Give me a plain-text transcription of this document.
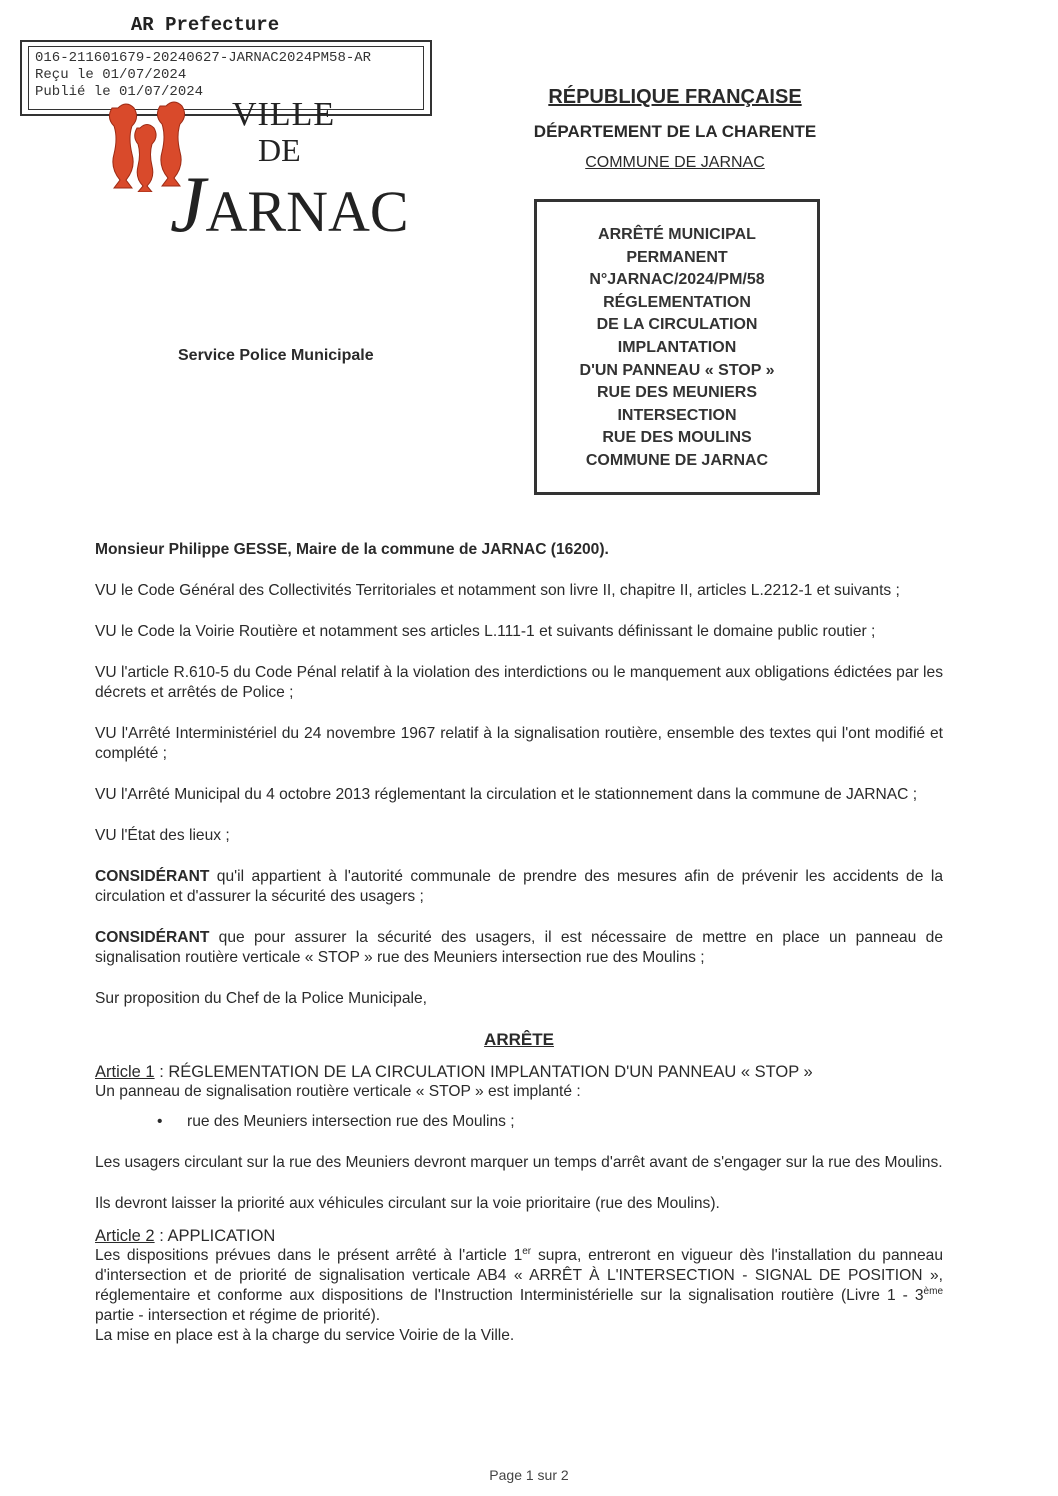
AR Prefecture
016-211601679-20240627-JARNAC2024PM58-AR
Reçu le 01/07/2024
Publié le 01/07/2024
VILLE
DE
JARNAC
RÉPUBLIQUE FRANÇAISE
DÉPARTEMENT DE LA CHARENTE
COMMUNE DE JARNAC
ARRÊTÉ MUNICIPAL
PERMANENT
N°JARNAC/2024/PM/58
RÉGLEMENTATION
DE LA CIRCULATION
IMPLANTATION
D'UN PANNEAU « STOP »
RUE DES MEUNIERS
INTERSECTION
RUE DES MOULINS
COMMUNE DE JARNAC
Service Police Municipale

Monsieur Philippe GESSE, Maire de la commune de JARNAC (16200).

VU le Code Général des Collectivités Territoriales et notamment son livre II, chapitre II, articles L.2212-1 et suivants ;

VU le Code la Voirie Routière et notamment ses articles L.111-1 et suivants définissant le domaine public routier ;

VU l'article R.610-5 du Code Pénal relatif à la violation des interdictions ou le manquement aux obligations édictées par les décrets et arrêtés de Police ;

VU l'Arrêté Interministériel du 24 novembre 1967 relatif à la signalisation routière, ensemble des textes qui l'ont modifié et complété ;

VU l'Arrêté Municipal du 4 octobre 2013 réglementant la circulation et le stationnement dans la commune de JARNAC ;

VU l'État des lieux ;

CONSIDÉRANT qu'il appartient à l'autorité communale de prendre des mesures afin de prévenir les accidents de la circulation et d'assurer la sécurité des usagers ;

CONSIDÉRANT que pour assurer la sécurité des usagers, il est nécessaire de mettre en place un panneau de signalisation routière verticale « STOP » rue des Meuniers intersection rue des Moulins ;

Sur proposition du Chef de la Police Municipale,

ARRÊTE

Article 1 : RÉGLEMENTATION DE LA CIRCULATION IMPLANTATION D'UN PANNEAU « STOP »

Un panneau de signalisation routière verticale « STOP » est implanté :

• rue des Meuniers intersection rue des Moulins ;

Les usagers circulant sur la rue des Meuniers devront marquer un temps d'arrêt avant de s'engager sur la rue des Moulins.

Ils devront laisser la priorité aux véhicules circulant sur la voie prioritaire (rue des Moulins).

Article 2 : APPLICATION

Les dispositions prévues dans le présent arrêté à l'article 1er supra, entreront en vigueur dès l'installation du panneau d'intersection et de priorité de signalisation verticale AB4 « ARRÊT À L'INTERSECTION - SIGNAL DE POSITION », réglementaire et conforme aux dispositions de l'Instruction Interministérielle sur la signalisation routière (Livre 1 - 3ème partie - intersection et régime de priorité).

La mise en place est à la charge du service Voirie de la Ville.

Page 1 sur 2
